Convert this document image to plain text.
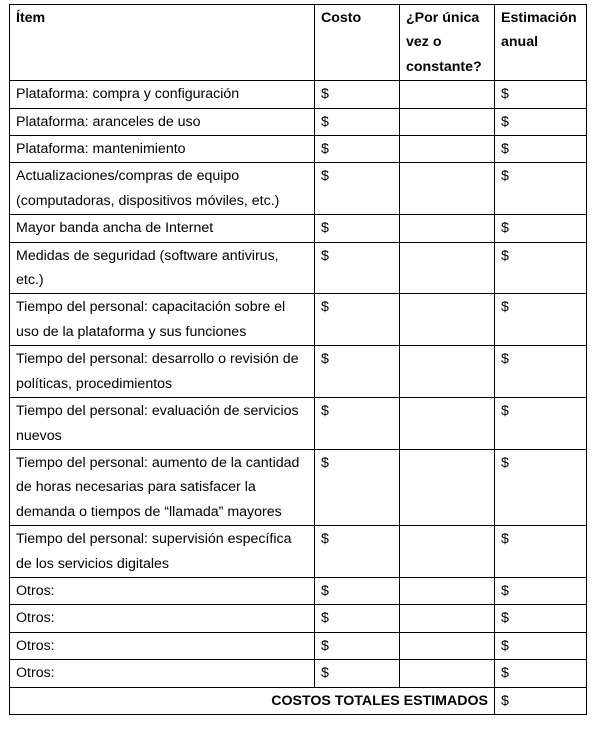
Ítem	Costo	¿Por única vez o constante?	Estimación anual
Plataforma: compra y configuración	$		$
Plataforma: aranceles de uso	$		$
Plataforma: mantenimiento	$		$
Actualizaciones/compras de equipo (computadoras, dispositivos móviles, etc.)	$		$
Mayor banda ancha de Internet	$		$
Medidas de seguridad (software antivirus, etc.)	$		$
Tiempo del personal: capacitación sobre el uso de la plataforma y sus funciones	$		$
Tiempo del personal: desarrollo o revisión de políticas, procedimientos	$		$
Tiempo del personal: evaluación de servicios nuevos	$		$
Tiempo del personal: aumento de la cantidad de horas necesarias para satisfacer la demanda o tiempos de “llamada” mayores	$		$
Tiempo del personal: supervisión específica de los servicios digitales	$		$
Otros:	$		$
Otros:	$		$
Otros:	$		$
Otros:	$		$
COSTOS TOTALES ESTIMADOS			$
